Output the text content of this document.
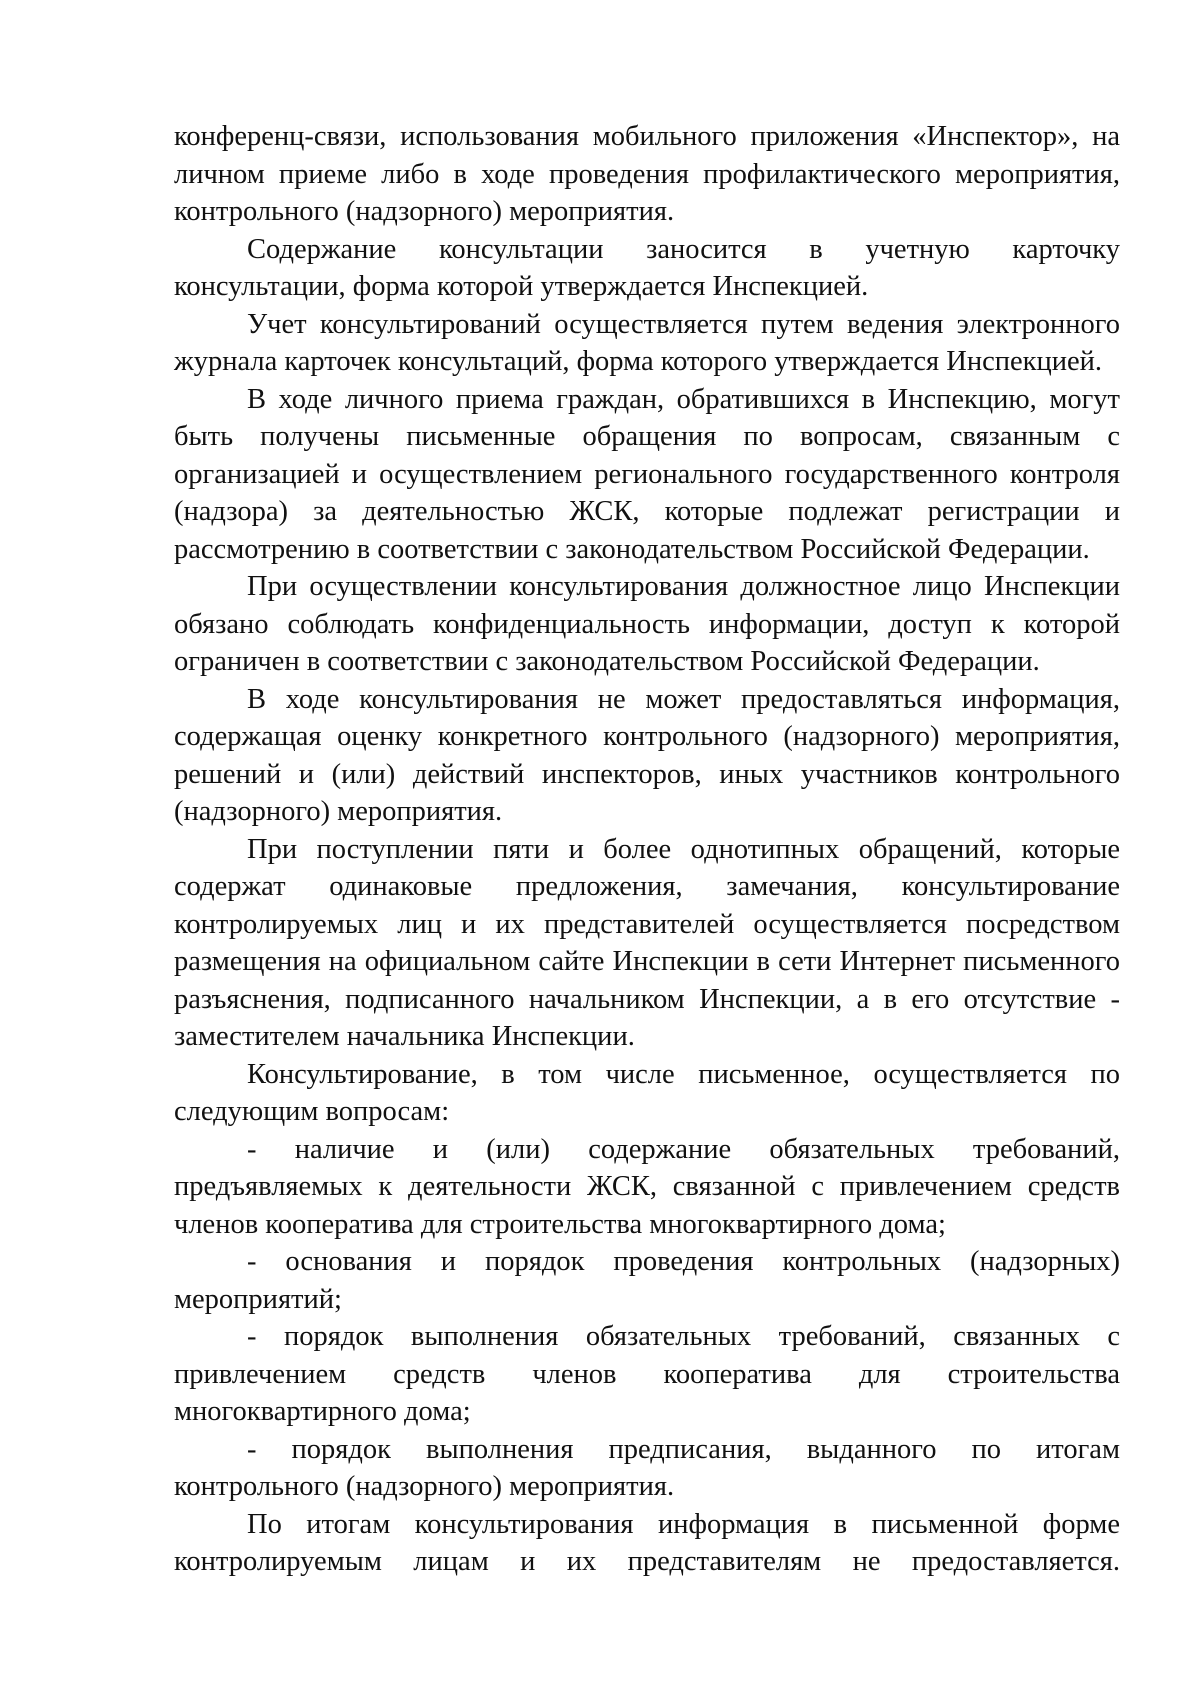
конференц-связи, использования мобильного приложения «Инспектор», на личном приеме либо в ходе проведения профилактического мероприятия, контрольного (надзорного) мероприятия.

Содержание консультации заносится в учетную карточку консультации, форма которой утверждается Инспекцией.

Учет консультирований осуществляется путем ведения электронного журнала карточек консультаций, форма которого утверждается Инспекцией.

В ходе личного приема граждан, обратившихся в Инспекцию, могут быть получены письменные обращения по вопросам, связанным с организацией и осуществлением регионального государственного контроля (надзора) за деятельностью ЖСК, которые подлежат регистрации и рассмотрению в соответствии с законодательством Российской Федерации.

При осуществлении консультирования должностное лицо Инспекции обязано соблюдать конфиденциальность информации, доступ к которой ограничен в соответствии с законодательством Российской Федерации.

В ходе консультирования не может предоставляться информация, содержащая оценку конкретного контрольного (надзорного) мероприятия, решений и (или) действий инспекторов, иных участников контрольного (надзорного) мероприятия.

При поступлении пяти и более однотипных обращений, которые содержат одинаковые предложения, замечания, консультирование контролируемых лиц и их представителей осуществляется посредством размещения на официальном сайте Инспекции в сети Интернет письменного разъяснения, подписанного начальником Инспекции, а в его отсутствие - заместителем начальника Инспекции.

Консультирование, в том числе письменное, осуществляется по следующим вопросам:

- наличие и (или) содержание обязательных требований, предъявляемых к деятельности ЖСК, связанной с привлечением средств членов кооператива для строительства многоквартирного дома;

- основания и порядок проведения контрольных (надзорных) мероприятий;

- порядок выполнения обязательных требований, связанных с привлечением средств членов кооператива для строительства многоквартирного дома;

- порядок выполнения предписания, выданного по итогам контрольного (надзорного) мероприятия.

По итогам консультирования информация в письменной форме контролируемым лицам и их представителям не предоставляется.
